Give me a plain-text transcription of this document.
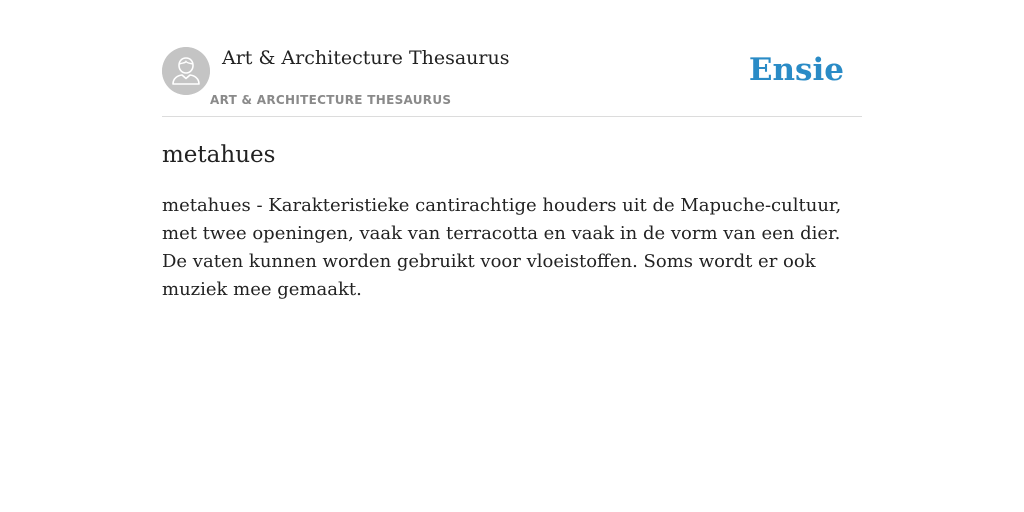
Art & Architecture Thesaurus
ART & ARCHITECTURE THESAURUS
Ensie
metahues

metahues - Karakteristieke cantirachtige houders uit de Mapuche-cultuur, met twee openingen, vaak van terracotta en vaak in de vorm van een dier. De vaten kunnen worden gebruikt voor vloeistoffen. Soms wordt er ook muziek mee gemaakt.
